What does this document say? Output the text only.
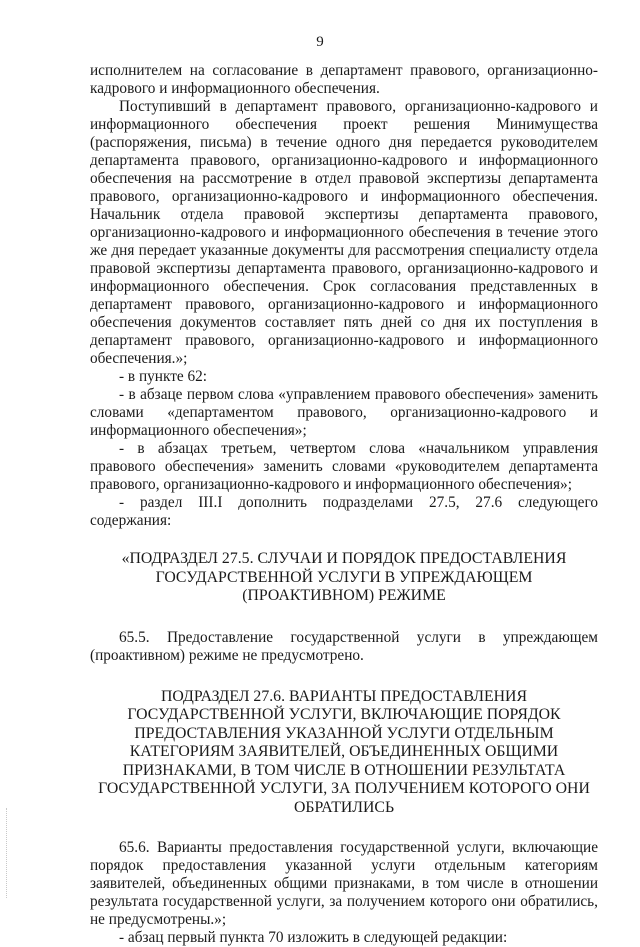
9

исполнителем на согласование в департамент правового, организационно-кадрового и информационного обеспечения.

Поступивший в департамент правового, организационно-кадрового и информационного обеспечения проект решения Минимущества (распоряжения, письма) в течение одного дня передается руководителем департамента правового, организационно-кадрового и информационного обеспечения на рассмотрение в отдел правовой экспертизы департамента правового, организационно-кадрового и информационного обеспечения. Начальник отдела правовой экспертизы департамента правового, организационно-кадрового и информационного обеспечения в течение этого же дня передает указанные документы для рассмотрения специалисту отдела правовой экспертизы департамента правового, организационно-кадрового и информационного обеспечения. Срок согласования представленных в департамент правового, организационно-кадрового и информационного обеспечения документов составляет пять дней со дня их поступления в департамент правового, организационно-кадрового и информационного обеспечения.»;

- в пункте 62:

- в абзаце первом слова «управлением правового обеспечения» заменить словами «департаментом правового, организационно-кадрового и информационного обеспечения»;

- в абзацах третьем, четвертом слова «начальником управления правового обеспечения» заменить словами «руководителем департамента правового, организационно-кадрового и информационного обеспечения»;

- раздел III.I дополнить подразделами 27.5, 27.6 следующего содержания:

«ПОДРАЗДЕЛ 27.5. СЛУЧАИ И ПОРЯДОК ПРЕДОСТАВЛЕНИЯ ГОСУДАРСТВЕННОЙ УСЛУГИ В УПРЕЖДАЮЩЕМ (ПРОАКТИВНОМ) РЕЖИМЕ

65.5. Предоставление государственной услуги в упреждающем (проактивном) режиме не предусмотрено.

ПОДРАЗДЕЛ 27.6. ВАРИАНТЫ ПРЕДОСТАВЛЕНИЯ ГОСУДАРСТВЕННОЙ УСЛУГИ, ВКЛЮЧАЮЩИЕ ПОРЯДОК ПРЕДОСТАВЛЕНИЯ УКАЗАННОЙ УСЛУГИ ОТДЕЛЬНЫМ КАТЕГОРИЯМ ЗАЯВИТЕЛЕЙ, ОБЪЕДИНЕННЫХ ОБЩИМИ ПРИЗНАКАМИ, В ТОМ ЧИСЛЕ В ОТНОШЕНИИ РЕЗУЛЬТАТА ГОСУДАРСТВЕННОЙ УСЛУГИ, ЗА ПОЛУЧЕНИЕМ КОТОРОГО ОНИ ОБРАТИЛИСЬ

65.6. Варианты предоставления государственной услуги, включающие порядок предоставления указанной услуги отдельным категориям заявителей, объединенных общими признаками, в том числе в отношении результата государственной услуги, за получением которого они обратились, не предусмотрены.»;

- абзац первый пункта 70 изложить в следующей редакции:
